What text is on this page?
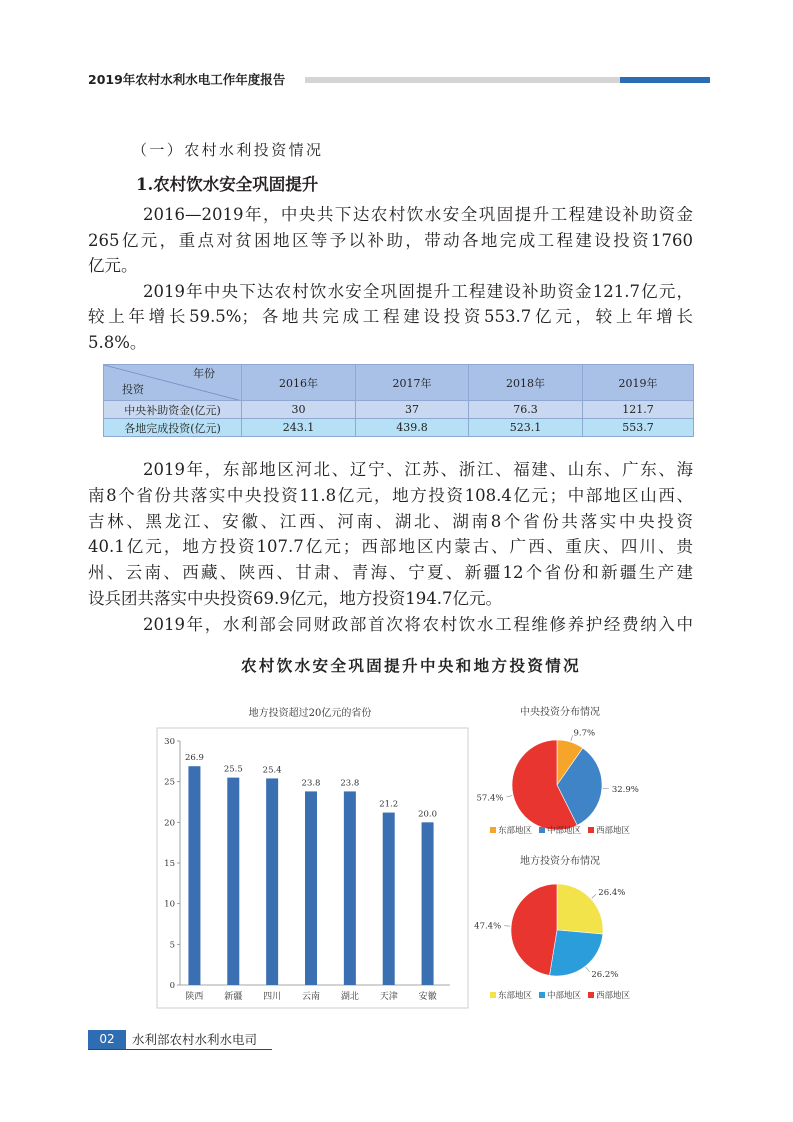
2019年农村水利水电工作年度报告
（一）农村水利投资情况
1.农村饮水安全巩固提升
2016—2019年，中央共下达农村饮水安全巩固提升工程建设补助资金
265亿元，重点对贫困地区等予以补助，带动各地完成工程建设投资1760
亿元。
2019年中央下达农村饮水安全巩固提升工程建设补助资金121.7亿元，
较上年增长59.5%；各地共完成工程建设投资553.7亿元，较上年增长
5.8%。
年份
投资	2016年	2017年	2018年	2019年
中央补助资金(亿元)	30	37	76.3	121.7
各地完成投资(亿元)	243.1	439.8	523.1	553.7
2019年，东部地区河北、辽宁、江苏、浙江、福建、山东、广东、海
南8个省份共落实中央投资11.8亿元，地方投资108.4亿元；中部地区山西、
吉林、黑龙江、安徽、江西、河南、湖北、湖南8个省份共落实中央投资
40.1亿元，地方投资107.7亿元；西部地区内蒙古、广西、重庆、四川、贵
州、云南、西藏、陕西、甘肃、青海、宁夏、新疆12个省份和新疆生产建
设兵团共落实中央投资69.9亿元，地方投资194.7亿元。
2019年，水利部会同财政部首次将农村饮水工程维修养护经费纳入中
农村饮水安全巩固提升中央和地方投资情况
地方投资超过20亿元的省份
0
5
10
15
20
25
30
26.9
陕西
25.5
新疆
25.4
四川
23.8
云南
23.8
湖北
21.2
天津
20.0
安徽
中央投资分布情况
9.7%
32.9%
57.4%
东部地区 中部地区 西部地区
地方投资分布情况
26.4%
26.2%
47.4%
东部地区 中部地区 西部地区
02	水利部农村水利水电司
